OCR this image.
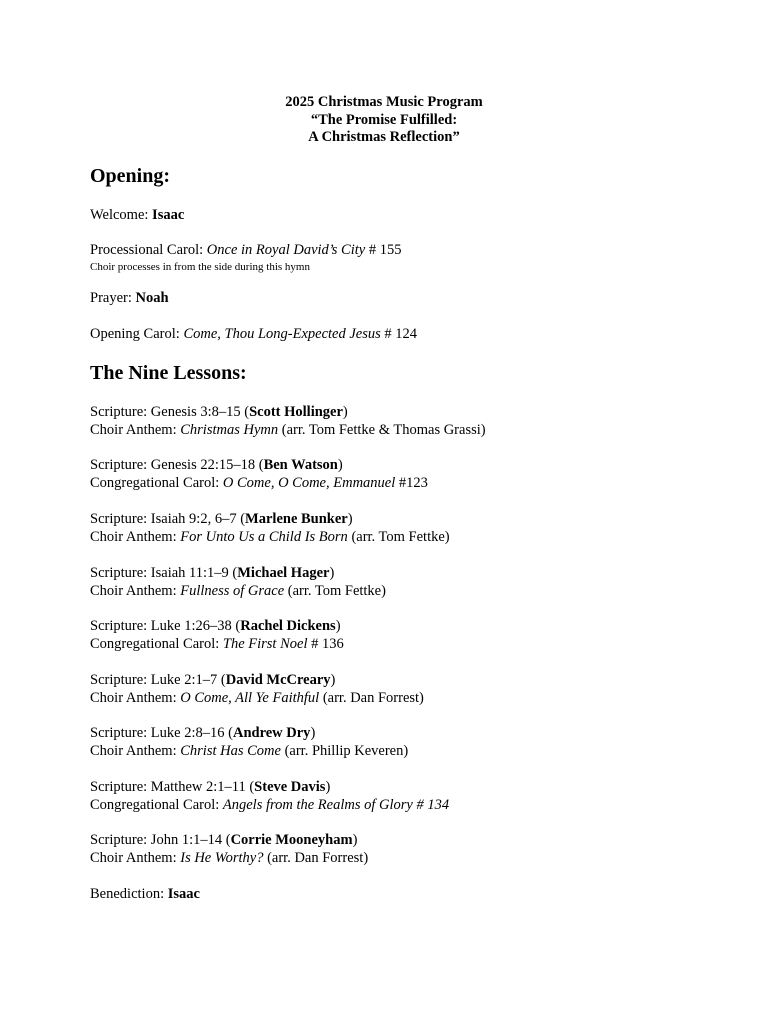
2025 Christmas Music Program
“The Promise Fulfilled:
A Christmas Reflection”
Opening:
Welcome: Isaac
Processional Carol: Once in Royal David’s City # 155
Choir processes in from the side during this hymn
Prayer: Noah
Opening Carol: Come, Thou Long-Expected Jesus # 124
The Nine Lessons:
Scripture: Genesis 3:8–15 (Scott Hollinger)
Choir Anthem: Christmas Hymn (arr. Tom Fettke & Thomas Grassi)
Scripture: Genesis 22:15–18 (Ben Watson)
Congregational Carol: O Come, O Come, Emmanuel #123
Scripture: Isaiah 9:2, 6–7 (Marlene Bunker)
Choir Anthem: For Unto Us a Child Is Born (arr. Tom Fettke)
Scripture: Isaiah 11:1–9 (Michael Hager)
Choir Anthem: Fullness of Grace (arr. Tom Fettke)
Scripture: Luke 1:26–38 (Rachel Dickens)
Congregational Carol: The First Noel # 136
Scripture: Luke 2:1–7 (David McCreary)
Choir Anthem: O Come, All Ye Faithful (arr. Dan Forrest)
Scripture: Luke 2:8–16 (Andrew Dry)
Choir Anthem: Christ Has Come (arr. Phillip Keveren)
Scripture: Matthew 2:1–11 (Steve Davis)
Congregational Carol: Angels from the Realms of Glory # 134
Scripture: John 1:1–14 (Corrie Mooneyham)
Choir Anthem: Is He Worthy? (arr. Dan Forrest)
Benediction: Isaac
